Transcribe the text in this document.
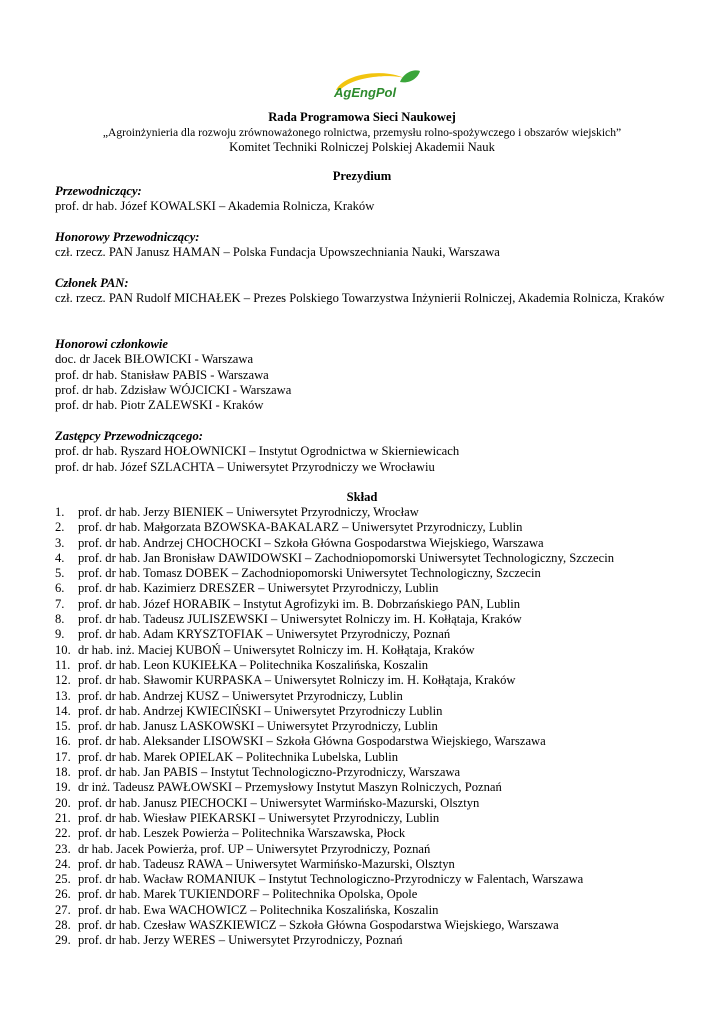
AgEngPol
Rada Programowa Sieci Naukowej
„Agroinżynieria dla rozwoju zrównoważonego rolnictwa, przemysłu rolno-spożywczego i obszarów wiejskich”
Komitet Techniki Rolniczej Polskiej Akademii Nauk
Prezydium
Przewodniczący:
prof. dr hab. Józef KOWALSKI – Akademia Rolnicza, Kraków
Honorowy Przewodniczący:
czł. rzecz. PAN Janusz HAMAN – Polska Fundacja Upowszechniania Nauki, Warszawa
Członek PAN:
czł. rzecz. PAN Rudolf MICHAŁEK – Prezes Polskiego Towarzystwa Inżynierii Rolniczej, Akademia Rolnicza, Kraków
Honorowi członkowie
doc. dr Jacek BIŁOWICKI - Warszawa
prof. dr hab. Stanisław PABIS - Warszawa
prof. dr hab. Zdzisław WÓJCICKI - Warszawa
prof. dr hab. Piotr ZALEWSKI - Kraków
Zastępcy Przewodniczącego:
prof. dr hab. Ryszard HOŁOWNICKI – Instytut Ogrodnictwa w Skierniewicach
prof. dr hab. Józef SZLACHTA – Uniwersytet Przyrodniczy we Wrocławiu
Skład
1.	prof. dr hab. Jerzy BIENIEK – Uniwersytet Przyrodniczy, Wrocław
2.	prof. dr hab. Małgorzata BZOWSKA-BAKALARZ – Uniwersytet Przyrodniczy, Lublin
3.	prof. dr hab. Andrzej CHOCHOCKI – Szkoła Główna Gospodarstwa Wiejskiego, Warszawa
4.	prof. dr hab. Jan Bronisław DAWIDOWSKI – Zachodniopomorski Uniwersytet Technologiczny, Szczecin
5.	prof. dr hab. Tomasz DOBEK – Zachodniopomorski Uniwersytet Technologiczny, Szczecin
6.	prof. dr hab. Kazimierz DRESZER – Uniwersytet Przyrodniczy, Lublin
7.	prof. dr hab. Józef HORABIK – Instytut Agrofizyki im. B. Dobrzańskiego PAN, Lublin
8.	prof. dr hab. Tadeusz JULISZEWSKI – Uniwersytet Rolniczy im. H. Kołłątaja, Kraków
9.	prof. dr hab. Adam KRYSZTOFIAK – Uniwersytet Przyrodniczy, Poznań
10. dr hab. inż. Maciej KUBOŃ – Uniwersytet Rolniczy im. H. Kołłątaja, Kraków
11. prof. dr hab. Leon KUKIEŁKA – Politechnika Koszalińska, Koszalin
12. prof. dr hab. Sławomir KURPASKA – Uniwersytet Rolniczy im. H. Kołłątaja, Kraków
13. prof. dr hab. Andrzej KUSZ – Uniwersytet Przyrodniczy, Lublin
14. prof. dr hab. Andrzej KWIECIŃSKI – Uniwersytet Przyrodniczy Lublin
15. prof. dr hab. Janusz LASKOWSKI – Uniwersytet Przyrodniczy, Lublin
16. prof. dr hab. Aleksander LISOWSKI – Szkoła Główna Gospodarstwa Wiejskiego, Warszawa
17. prof. dr hab. Marek OPIELAK – Politechnika Lubelska, Lublin
18. prof. dr hab. Jan PABIS – Instytut Technologiczno-Przyrodniczy, Warszawa
19. dr inż. Tadeusz PAWŁOWSKI – Przemysłowy Instytut Maszyn Rolniczych, Poznań
20. prof. dr hab. Janusz PIECHOCKI – Uniwersytet Warmińsko-Mazurski, Olsztyn
21. prof. dr hab. Wiesław PIEKARSKI – Uniwersytet Przyrodniczy, Lublin
22. prof. dr hab. Leszek Powierża – Politechnika Warszawska, Płock
23. dr hab. Jacek Powierża, prof. UP – Uniwersytet Przyrodniczy, Poznań
24. prof. dr hab. Tadeusz RAWA – Uniwersytet Warmińsko-Mazurski, Olsztyn
25. prof. dr hab. Wacław ROMANIUK – Instytut Technologiczno-Przyrodniczy w Falentach, Warszawa
26. prof. dr hab. Marek TUKIENDORF – Politechnika Opolska, Opole
27. prof. dr hab. Ewa WACHOWICZ – Politechnika Koszalińska, Koszalin
28. prof. dr hab. Czesław WASZKIEWICZ – Szkoła Główna Gospodarstwa Wiejskiego, Warszawa
29. prof. dr hab. Jerzy WERES – Uniwersytet Przyrodniczy, Poznań
